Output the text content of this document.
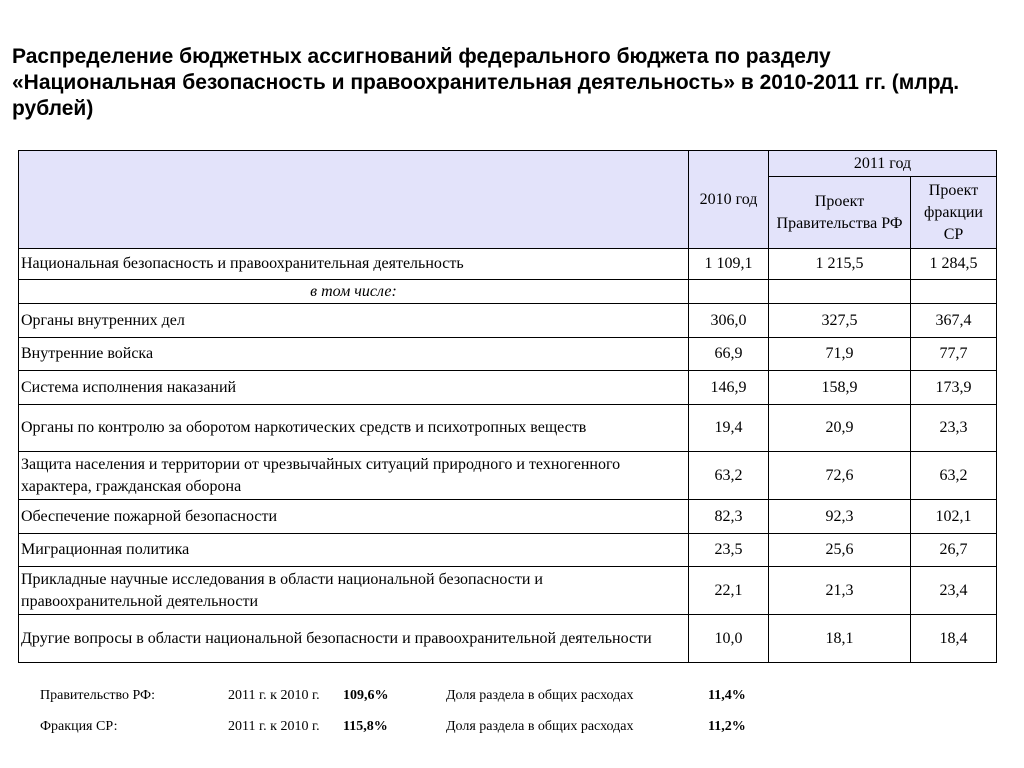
Распределение бюджетных ассигнований федерального бюджета по разделу «Национальная безопасность и правоохранительная деятельность» в 2010-2011 гг. (млрд. рублей)
	2010 год	2011 год	
		Проект Правительства РФ	Проект фракции СР
Национальная безопасность и правоохранительная деятельность	1 109,1	1 215,5	1 284,5
в том числе:			
Органы внутренних дел	306,0	327,5	367,4
Внутренние войска	66,9	71,9	77,7
Система исполнения наказаний	146,9	158,9	173,9
Органы по контролю за оборотом наркотических средств и психотропных веществ	19,4	20,9	23,3
Защита населения и территории от чрезвычайных ситуаций природного и техногенного характера, гражданская оборона	63,2	72,6	63,2
Обеспечение пожарной безопасности	82,3	92,3	102,1
Миграционная политика	23,5	25,6	26,7
Прикладные научные исследования в области национальной безопасности и правоохранительной деятельности	22,1	21,3	23,4
Другие вопросы в области национальной безопасности и правоохранительной деятельности	10,0	18,1	18,4
Правительство РФ:	2011 г. к 2010 г. 109,6%	Доля раздела в общих расходах	11,4%
Фракция СР:	2011 г. к 2010 г. 115,8%	Доля раздела в общих расходах	11,2%
